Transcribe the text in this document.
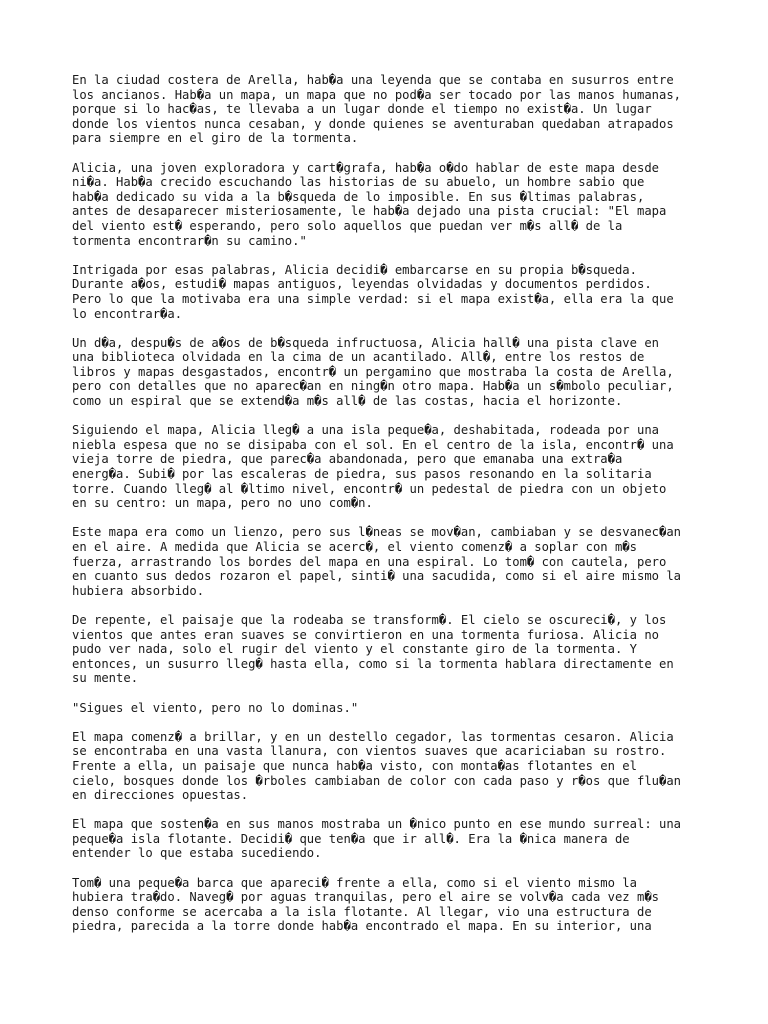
En la ciudad costera de Arella, hab�a una leyenda que se contaba en susurros entre
los ancianos. Hab�a un mapa, un mapa que no pod�a ser tocado por las manos humanas,
porque si lo hac�as, te llevaba a un lugar donde el tiempo no exist�a. Un lugar
donde los vientos nunca cesaban, y donde quienes se aventuraban quedaban atrapados
para siempre en el giro de la tormenta.

Alicia, una joven exploradora y cart�grafa, hab�a o�do hablar de este mapa desde
ni�a. Hab�a crecido escuchando las historias de su abuelo, un hombre sabio que
hab�a dedicado su vida a la b�squeda de lo imposible. En sus �ltimas palabras,
antes de desaparecer misteriosamente, le hab�a dejado una pista crucial: "El mapa
del viento est� esperando, pero solo aquellos que puedan ver m�s all� de la
tormenta encontrar�n su camino."

Intrigada por esas palabras, Alicia decidi� embarcarse en su propia b�squeda.
Durante a�os, estudi� mapas antiguos, leyendas olvidadas y documentos perdidos.
Pero lo que la motivaba era una simple verdad: si el mapa exist�a, ella era la que
lo encontrar�a.

Un d�a, despu�s de a�os de b�squeda infructuosa, Alicia hall� una pista clave en
una biblioteca olvidada en la cima de un acantilado. All�, entre los restos de
libros y mapas desgastados, encontr� un pergamino que mostraba la costa de Arella,
pero con detalles que no aparec�an en ning�n otro mapa. Hab�a un s�mbolo peculiar,
como un espiral que se extend�a m�s all� de las costas, hacia el horizonte.

Siguiendo el mapa, Alicia lleg� a una isla peque�a, deshabitada, rodeada por una
niebla espesa que no se disipaba con el sol. En el centro de la isla, encontr� una
vieja torre de piedra, que parec�a abandonada, pero que emanaba una extra�a
energ�a. Subi� por las escaleras de piedra, sus pasos resonando en la solitaria
torre. Cuando lleg� al �ltimo nivel, encontr� un pedestal de piedra con un objeto
en su centro: un mapa, pero no uno com�n.

Este mapa era como un lienzo, pero sus l�neas se mov�an, cambiaban y se desvanec�an
en el aire. A medida que Alicia se acerc�, el viento comenz� a soplar con m�s
fuerza, arrastrando los bordes del mapa en una espiral. Lo tom� con cautela, pero
en cuanto sus dedos rozaron el papel, sinti� una sacudida, como si el aire mismo la
hubiera absorbido.

De repente, el paisaje que la rodeaba se transform�. El cielo se oscureci�, y los
vientos que antes eran suaves se convirtieron en una tormenta furiosa. Alicia no
pudo ver nada, solo el rugir del viento y el constante giro de la tormenta. Y
entonces, un susurro lleg� hasta ella, como si la tormenta hablara directamente en
su mente.

"Sigues el viento, pero no lo dominas."

El mapa comenz� a brillar, y en un destello cegador, las tormentas cesaron. Alicia
se encontraba en una vasta llanura, con vientos suaves que acariciaban su rostro.
Frente a ella, un paisaje que nunca hab�a visto, con monta�as flotantes en el
cielo, bosques donde los �rboles cambiaban de color con cada paso y r�os que flu�an
en direcciones opuestas.

El mapa que sosten�a en sus manos mostraba un �nico punto en ese mundo surreal: una
peque�a isla flotante. Decidi� que ten�a que ir all�. Era la �nica manera de
entender lo que estaba sucediendo.

Tom� una peque�a barca que apareci� frente a ella, como si el viento mismo la
hubiera tra�do. Naveg� por aguas tranquilas, pero el aire se volv�a cada vez m�s
denso conforme se acercaba a la isla flotante. Al llegar, vio una estructura de
piedra, parecida a la torre donde hab�a encontrado el mapa. En su interior, una
